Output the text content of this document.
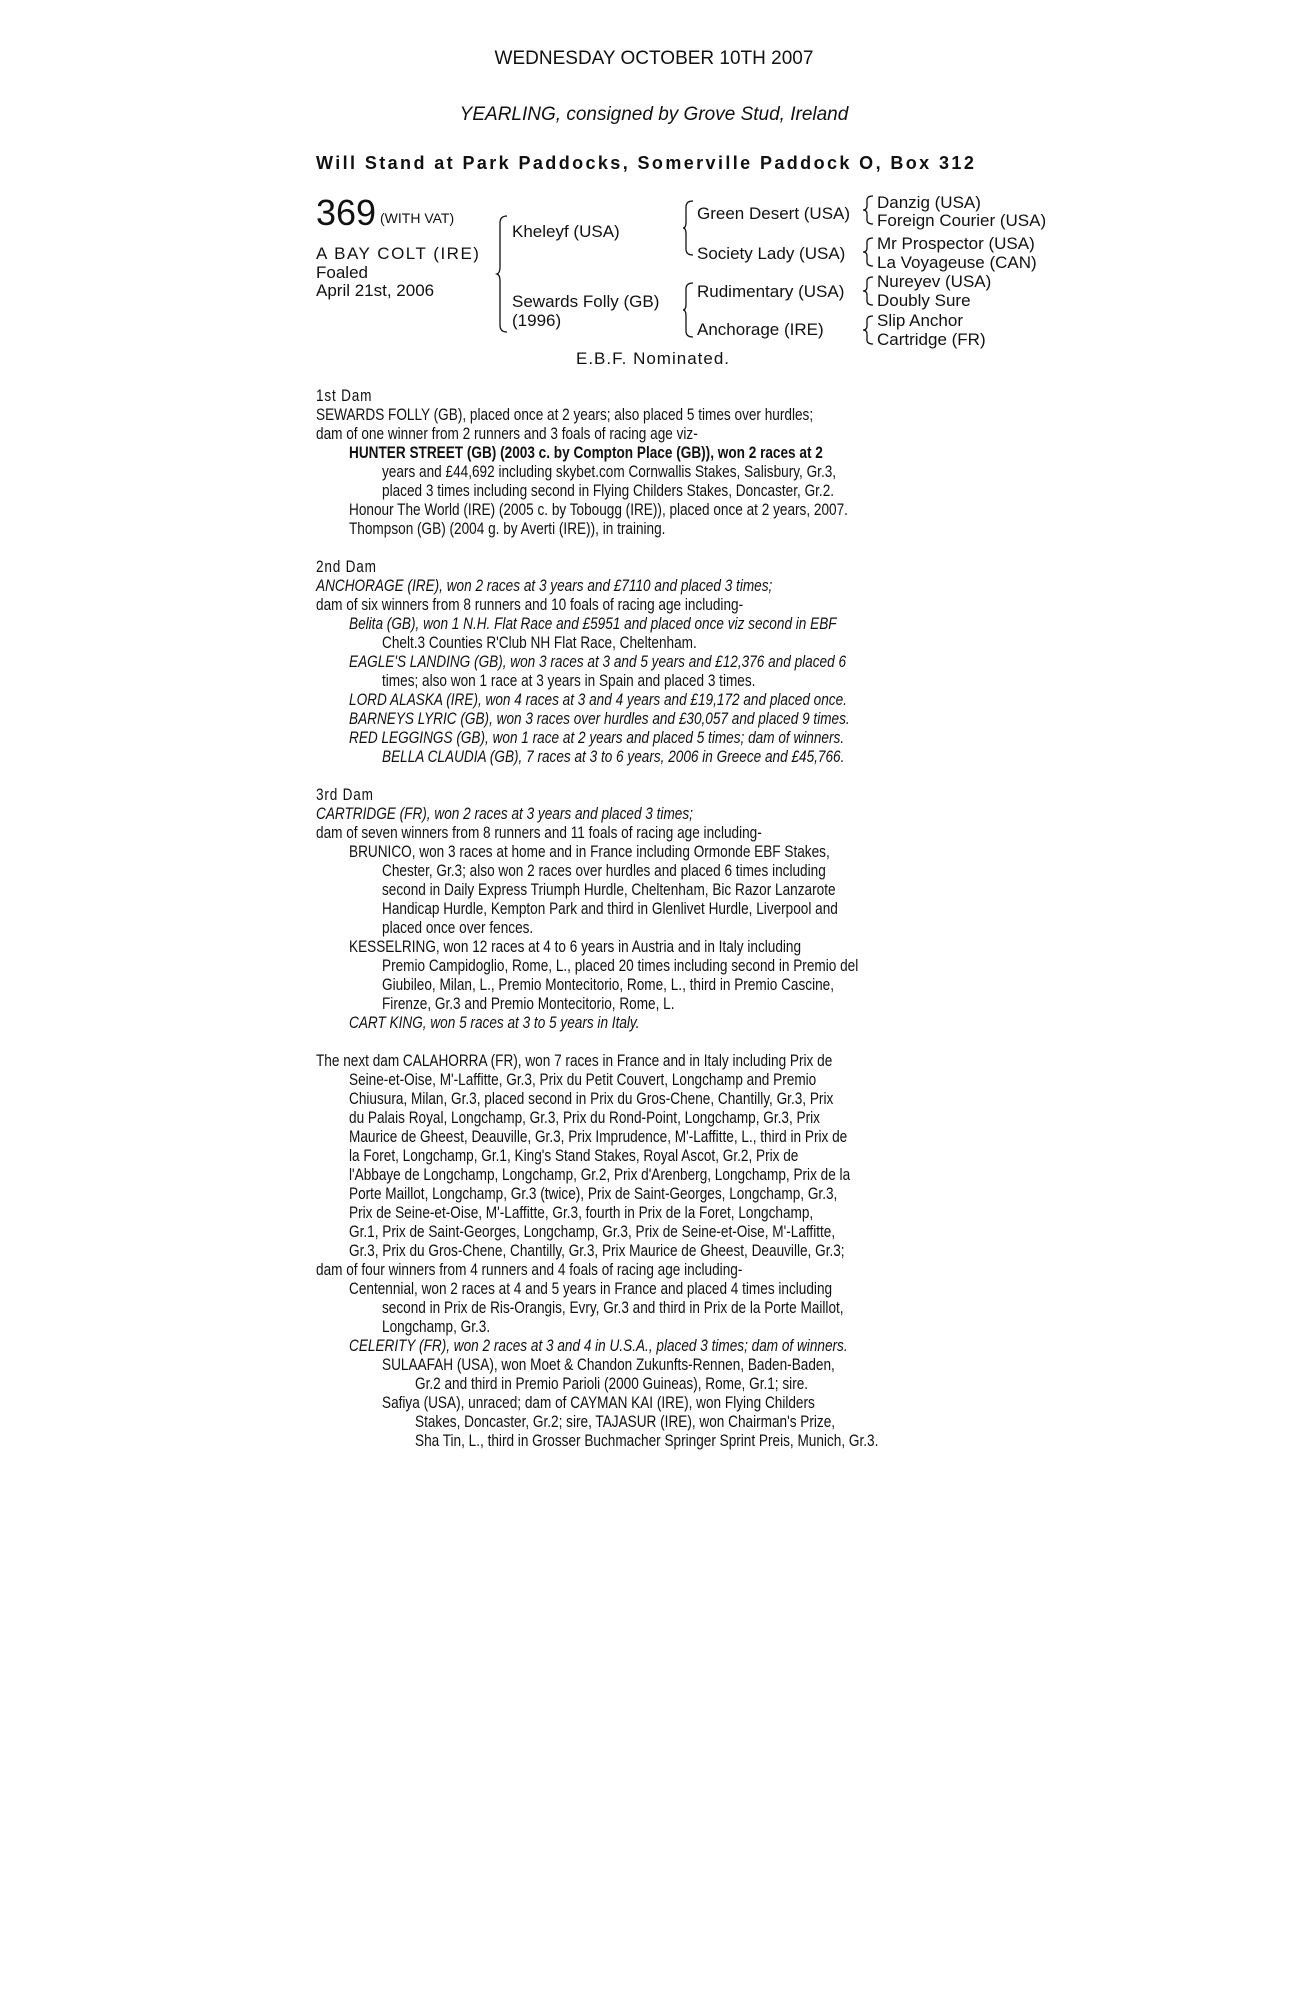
WEDNESDAY OCTOBER 10TH 2007
YEARLING, consigned by Grove Stud, Ireland
Will Stand at Park Paddocks, Somerville Paddock O, Box 312
369 (WITH VAT)
A BAY COLT (IRE)
Foaled
April 21st, 2006
Kheleyf (USA)
Sewards Folly (GB)
(1996)
Green Desert (USA)
Society Lady (USA)
Rudimentary (USA)
Anchorage (IRE)
Danzig (USA)
Foreign Courier (USA)
Mr Prospector (USA)
La Voyageuse (CAN)
Nureyev (USA)
Doubly Sure
Slip Anchor
Cartridge (FR)
E.B.F. Nominated.
1st Dam
SEWARDS FOLLY (GB), placed once at 2 years; also placed 5 times over hurdles;
dam of one winner from 2 runners and 3 foals of racing age viz-
HUNTER STREET (GB) (2003 c. by Compton Place (GB)), won 2 races at 2
years and £44,692 including skybet.com Cornwallis Stakes, Salisbury, Gr.3,
placed 3 times including second in Flying Childers Stakes, Doncaster, Gr.2.
Honour The World (IRE) (2005 c. by Tobougg (IRE)), placed once at 2 years, 2007.
Thompson (GB) (2004 g. by Averti (IRE)), in training.
2nd Dam
ANCHORAGE (IRE), won 2 races at 3 years and £7110 and placed 3 times;
dam of six winners from 8 runners and 10 foals of racing age including-
Belita (GB), won 1 N.H. Flat Race and £5951 and placed once viz second in EBF
Chelt.3 Counties R'Club NH Flat Race, Cheltenham.
EAGLE'S LANDING (GB), won 3 races at 3 and 5 years and £12,376 and placed 6
times; also won 1 race at 3 years in Spain and placed 3 times.
LORD ALASKA (IRE), won 4 races at 3 and 4 years and £19,172 and placed once.
BARNEYS LYRIC (GB), won 3 races over hurdles and £30,057 and placed 9 times.
RED LEGGINGS (GB), won 1 race at 2 years and placed 5 times; dam of winners.
BELLA CLAUDIA (GB), 7 races at 3 to 6 years, 2006 in Greece and £45,766.
3rd Dam
CARTRIDGE (FR), won 2 races at 3 years and placed 3 times;
dam of seven winners from 8 runners and 11 foals of racing age including-
BRUNICO, won 3 races at home and in France including Ormonde EBF Stakes,
Chester, Gr.3; also won 2 races over hurdles and placed 6 times including
second in Daily Express Triumph Hurdle, Cheltenham, Bic Razor Lanzarote
Handicap Hurdle, Kempton Park and third in Glenlivet Hurdle, Liverpool and
placed once over fences.
KESSELRING, won 12 races at 4 to 6 years in Austria and in Italy including
Premio Campidoglio, Rome, L., placed 20 times including second in Premio del
Giubileo, Milan, L., Premio Montecitorio, Rome, L., third in Premio Cascine,
Firenze, Gr.3 and Premio Montecitorio, Rome, L.
CART KING, won 5 races at 3 to 5 years in Italy.
The next dam CALAHORRA (FR), won 7 races in France and in Italy including Prix de
Seine-et-Oise, M'-Laffitte, Gr.3, Prix du Petit Couvert, Longchamp and Premio
Chiusura, Milan, Gr.3, placed second in Prix du Gros-Chene, Chantilly, Gr.3, Prix
du Palais Royal, Longchamp, Gr.3, Prix du Rond-Point, Longchamp, Gr.3, Prix
Maurice de Gheest, Deauville, Gr.3, Prix Imprudence, M'-Laffitte, L., third in Prix de
la Foret, Longchamp, Gr.1, King's Stand Stakes, Royal Ascot, Gr.2, Prix de
l'Abbaye de Longchamp, Longchamp, Gr.2, Prix d'Arenberg, Longchamp, Prix de la
Porte Maillot, Longchamp, Gr.3 (twice), Prix de Saint-Georges, Longchamp, Gr.3,
Prix de Seine-et-Oise, M'-Laffitte, Gr.3, fourth in Prix de la Foret, Longchamp,
Gr.1, Prix de Saint-Georges, Longchamp, Gr.3, Prix de Seine-et-Oise, M'-Laffitte,
Gr.3, Prix du Gros-Chene, Chantilly, Gr.3, Prix Maurice de Gheest, Deauville, Gr.3;
dam of four winners from 4 runners and 4 foals of racing age including-
Centennial, won 2 races at 4 and 5 years in France and placed 4 times including
second in Prix de Ris-Orangis, Evry, Gr.3 and third in Prix de la Porte Maillot,
Longchamp, Gr.3.
CELERITY (FR), won 2 races at 3 and 4 in U.S.A., placed 3 times; dam of winners.
SULAAFAH (USA), won Moet & Chandon Zukunfts-Rennen, Baden-Baden,
Gr.2 and third in Premio Parioli (2000 Guineas), Rome, Gr.1; sire.
Safiya (USA), unraced; dam of CAYMAN KAI (IRE), won Flying Childers
Stakes, Doncaster, Gr.2; sire, TAJASUR (IRE), won Chairman's Prize,
Sha Tin, L., third in Grosser Buchmacher Springer Sprint Preis, Munich, Gr.3.
